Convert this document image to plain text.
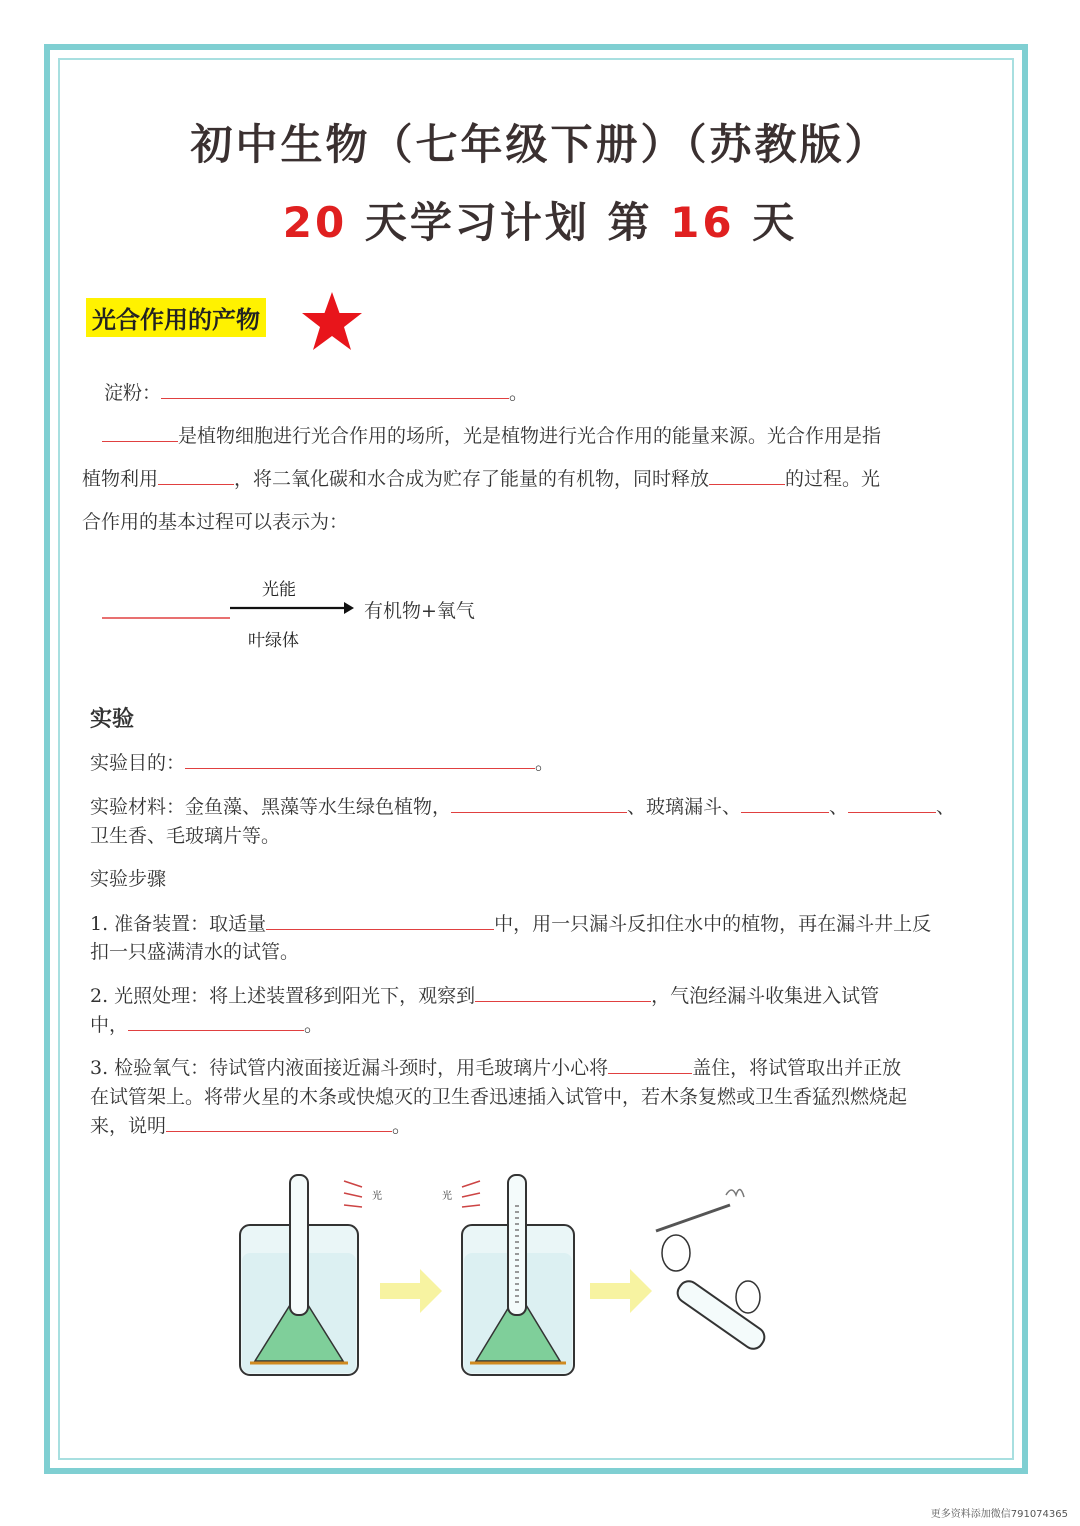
初中生物（七年级下册）（苏教版）
20 天学习计划 第 16 天
光合作用的产物
淀粉：	。
是植物细胞进行光合作用的场所，光是植物进行光合作用的能量来源。光合作用是指
植物利用	，将二氧化碳和水合成为贮存了能量的有机物，同时释放	的过程。光
合作用的基本过程可以表示为：
光能
叶绿体
有机物+氧气
实验
实验目的：	。
实验材料：金鱼藻、黑藻等水生绿色植物，	、玻璃漏斗、	、	、
卫生香、毛玻璃片等。
实验步骤
1. 准备装置：取适量	中，用一只漏斗反扣住水中的植物，再在漏斗井上反
扣一只盛满清水的试管。
2. 光照处理：将上述装置移到阳光下，观察到	，气泡经漏斗收集进入试管
中，	。
3. 检验氧气：待试管内液面接近漏斗颈时，用毛玻璃片小心将	盖住，将试管取出并正放
在试管架上。将带火星的木条或快熄灭的卫生香迅速插入试管中，若木条复燃或卫生香猛烈燃烧起
来，说明	。
光	光
更多资料添加微信791074365
